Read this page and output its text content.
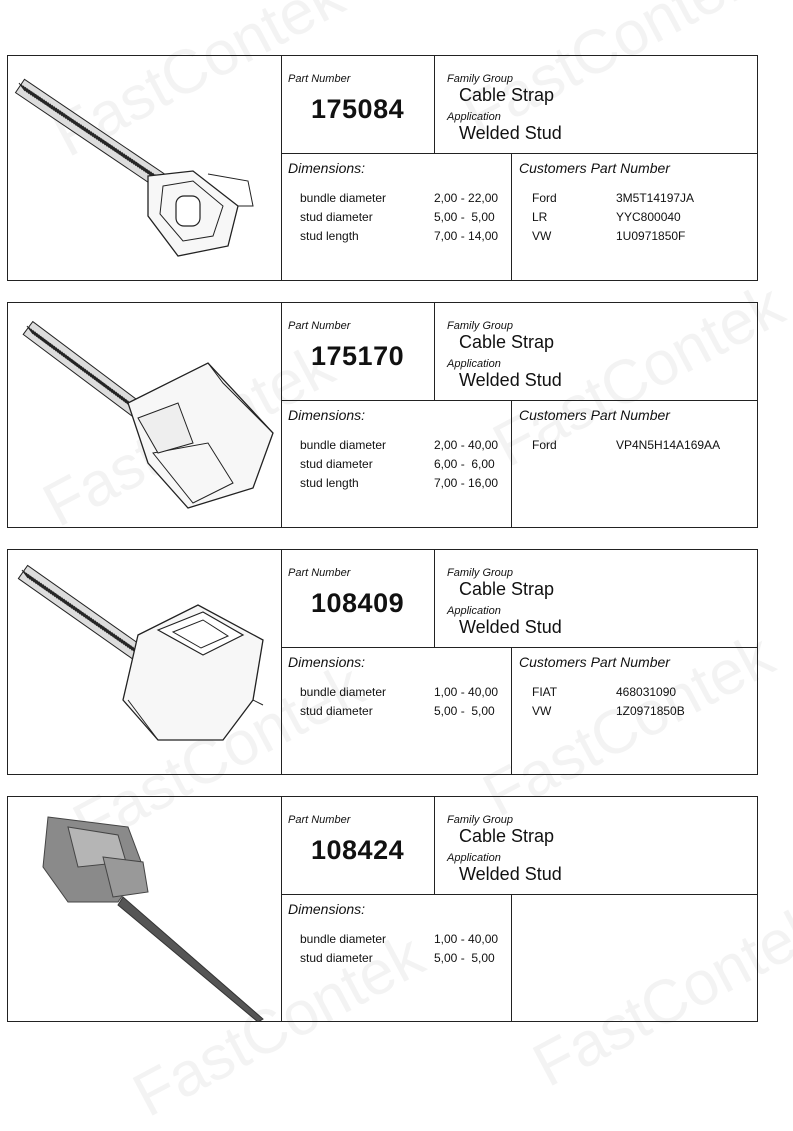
Part Number
175084
Family Group
Cable Strap
Application
Welded Stud
Dimensions:
bundle diameter	2,00 - 22,00
stud diameter	5,00 -  5,00
stud length	7,00 - 14,00
Customers Part Number
Ford	3M5T14197JA
LR	YYC800040
VW	1U0971850F
Part Number
175170
Family Group
Cable Strap
Application
Welded Stud
Dimensions:
bundle diameter	2,00 - 40,00
stud diameter	6,00 -  6,00
stud length	7,00 - 16,00
Customers Part Number
Ford	VP4N5H14A169AA
Part Number
108409
Family Group
Cable Strap
Application
Welded Stud
Dimensions:
bundle diameter	1,00 - 40,00
stud diameter	5,00 -  5,00
Customers Part Number
FIAT	468031090
VW	1Z0971850B
Part Number
108424
Family Group
Cable Strap
Application
Welded Stud
Dimensions:
bundle diameter	1,00 - 40,00
stud diameter	5,00 -  5,00
